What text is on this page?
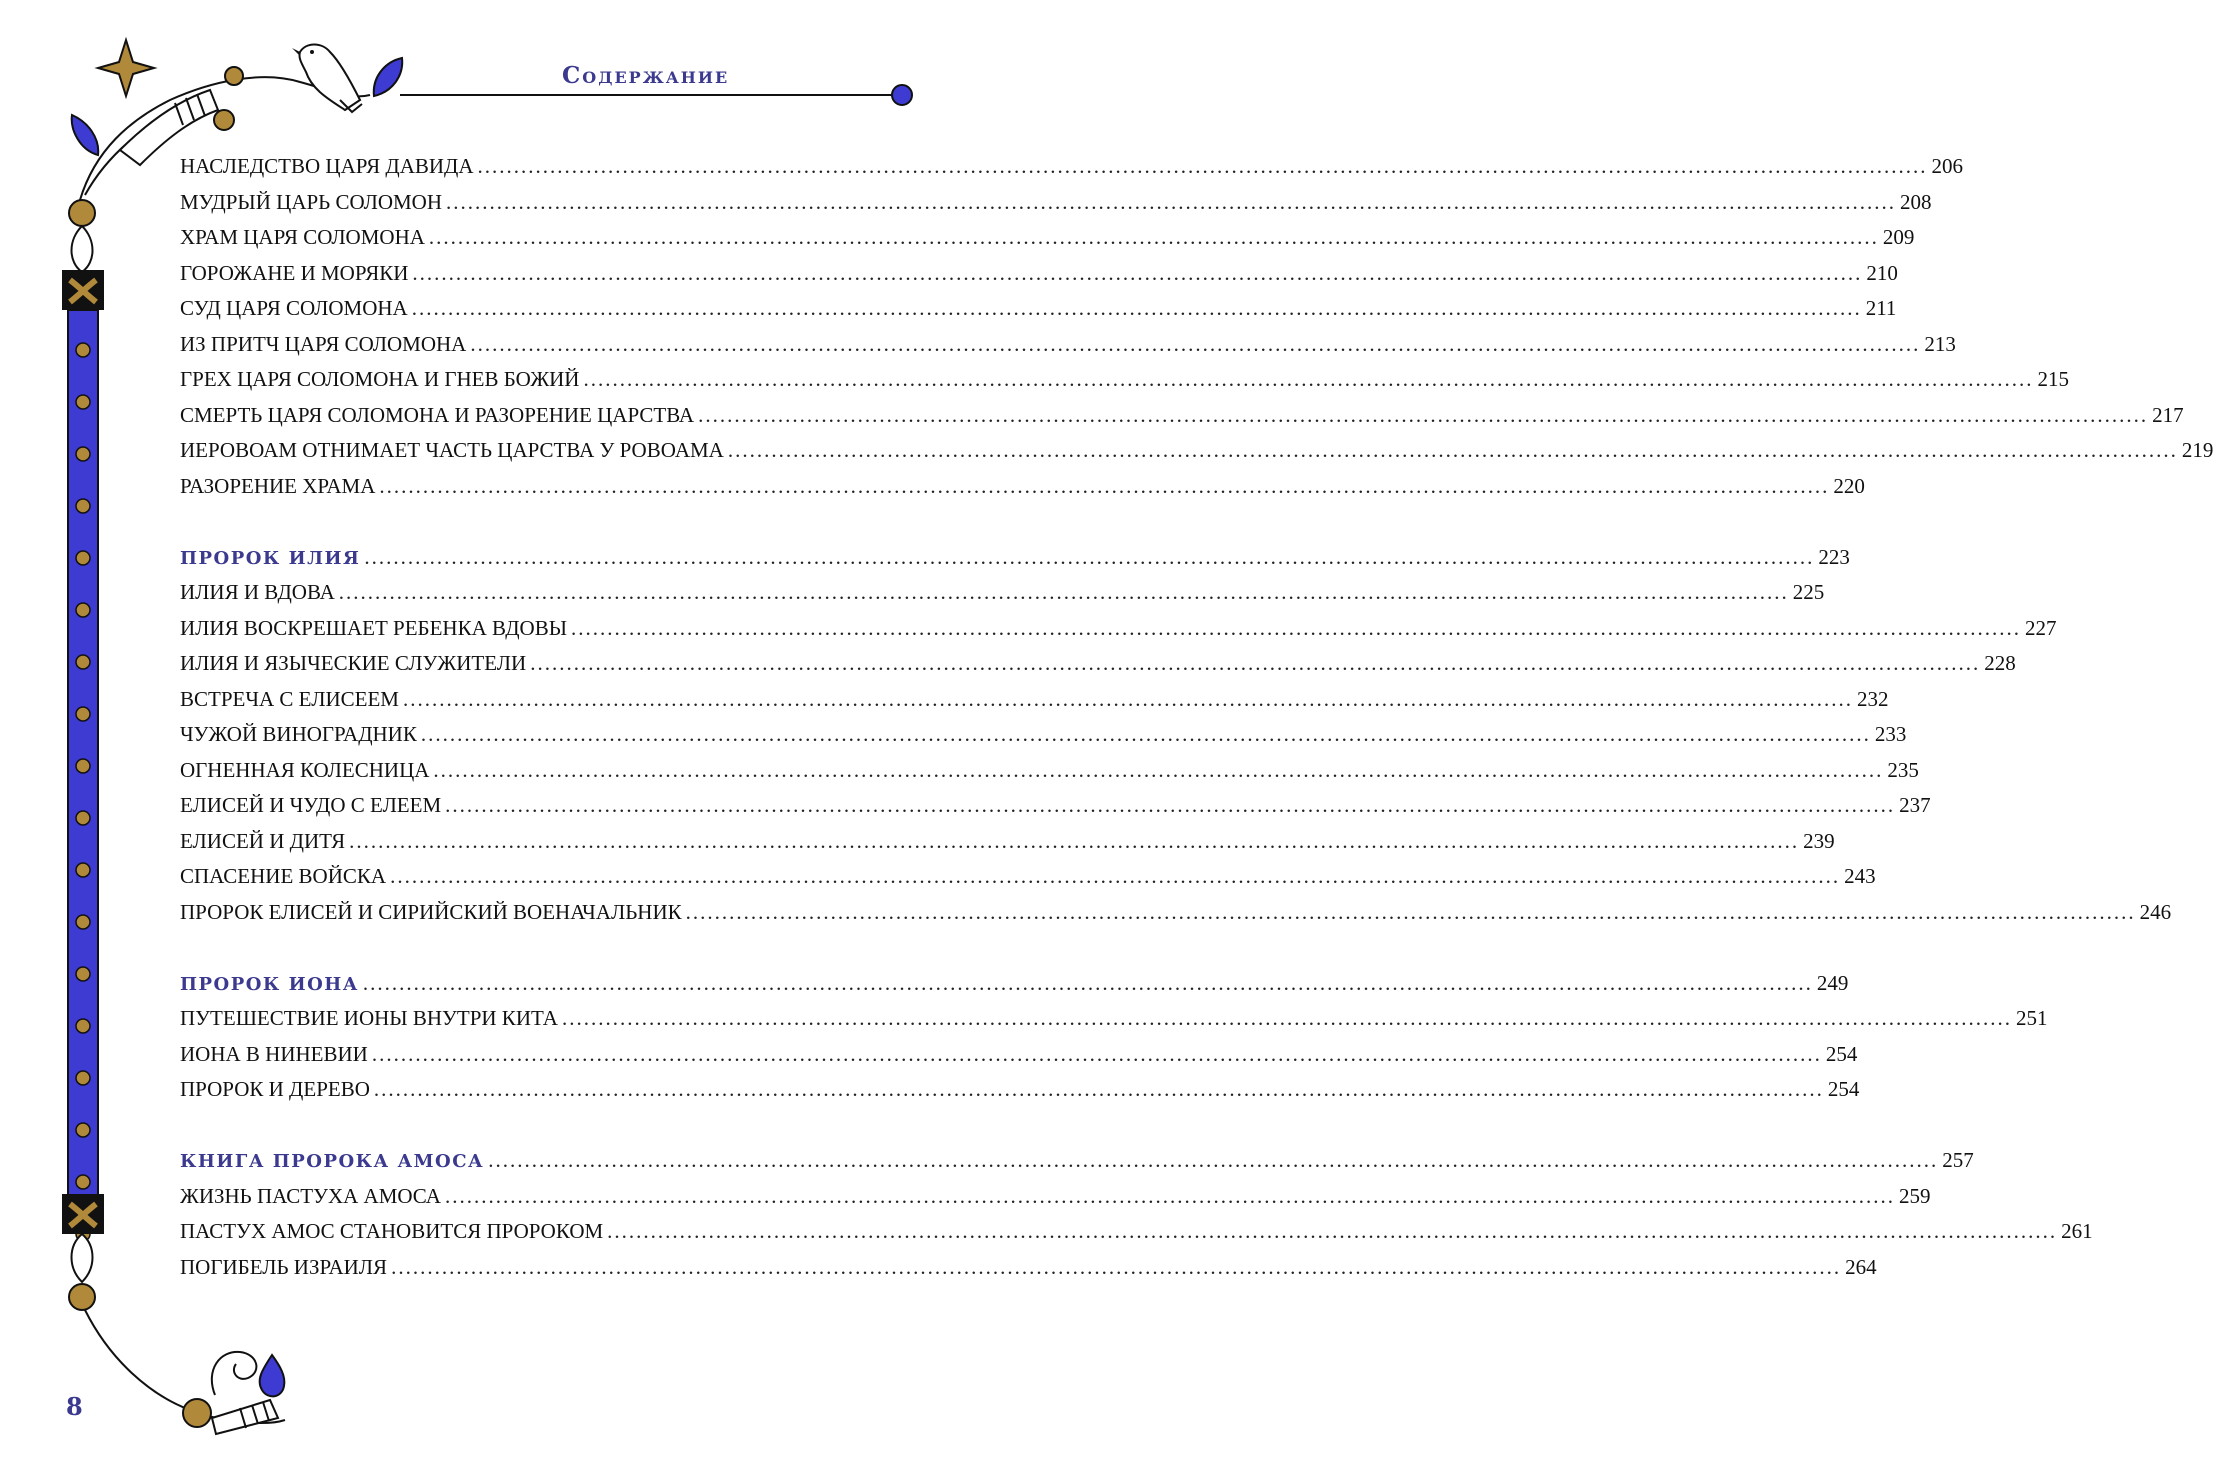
Содержание
НАСЛЕДСТВО ЦАРЯ ДАВИДА ........................................................................................................................................................................................................ 206
МУДРЫЙ ЦАРЬ СОЛОМОН ........................................................................................................................................................................................................ 208
ХРАМ ЦАРЯ СОЛОМОНА ........................................................................................................................................................................................................ 209
ГОРОЖАНЕ И МОРЯКИ ........................................................................................................................................................................................................ 210
СУД ЦАРЯ СОЛОМОНА ........................................................................................................................................................................................................ 211
ИЗ ПРИТЧ ЦАРЯ СОЛОМОНА ........................................................................................................................................................................................................ 213
ГРЕХ ЦАРЯ СОЛОМОНА И ГНЕВ БОЖИЙ ........................................................................................................................................................................................................ 215
СМЕРТЬ ЦАРЯ СОЛОМОНА И РАЗОРЕНИЕ ЦАРСТВА ........................................................................................................................................................................................................ 217
ИЕРОВОАМ ОТНИМАЕТ ЧАСТЬ ЦАРСТВА У РОВОАМА ........................................................................................................................................................................................................ 219
РАЗОРЕНИЕ ХРАМА ........................................................................................................................................................................................................ 220
ПРОРОК ИЛИЯ ........................................................................................................................................................................................................ 223
ИЛИЯ И ВДОВА ........................................................................................................................................................................................................ 225
ИЛИЯ ВОСКРЕШАЕТ РЕБЕНКА ВДОВЫ ........................................................................................................................................................................................................ 227
ИЛИЯ И ЯЗЫЧЕСКИЕ СЛУЖИТЕЛИ ........................................................................................................................................................................................................ 228
ВСТРЕЧА С ЕЛИСЕЕМ ........................................................................................................................................................................................................ 232
ЧУЖОЙ ВИНОГРАДНИК ........................................................................................................................................................................................................ 233
ОГНЕННАЯ КОЛЕСНИЦА ........................................................................................................................................................................................................ 235
ЕЛИСЕЙ И ЧУДО С ЕЛЕЕМ ........................................................................................................................................................................................................ 237
ЕЛИСЕЙ И ДИТЯ ........................................................................................................................................................................................................ 239
СПАСЕНИЕ ВОЙСКА ........................................................................................................................................................................................................ 243
ПРОРОК ЕЛИСЕЙ И СИРИЙСКИЙ ВОЕНАЧАЛЬНИК ........................................................................................................................................................................................................ 246
ПРОРОК ИОНА ........................................................................................................................................................................................................ 249
ПУТЕШЕСТВИЕ ИОНЫ ВНУТРИ КИТА ........................................................................................................................................................................................................ 251
ИОНА В НИНЕВИИ ........................................................................................................................................................................................................ 254
ПРОРОК И ДЕРЕВО ........................................................................................................................................................................................................ 254
КНИГА ПРОРОКА АМОСА ........................................................................................................................................................................................................ 257
ЖИЗНЬ ПАСТУХА АМОСА ........................................................................................................................................................................................................ 259
ПАСТУХ АМОС СТАНОВИТСЯ ПРОРОКОМ ........................................................................................................................................................................................................ 261
ПОГИБЕЛЬ ИЗРАИЛЯ ........................................................................................................................................................................................................ 264
8
